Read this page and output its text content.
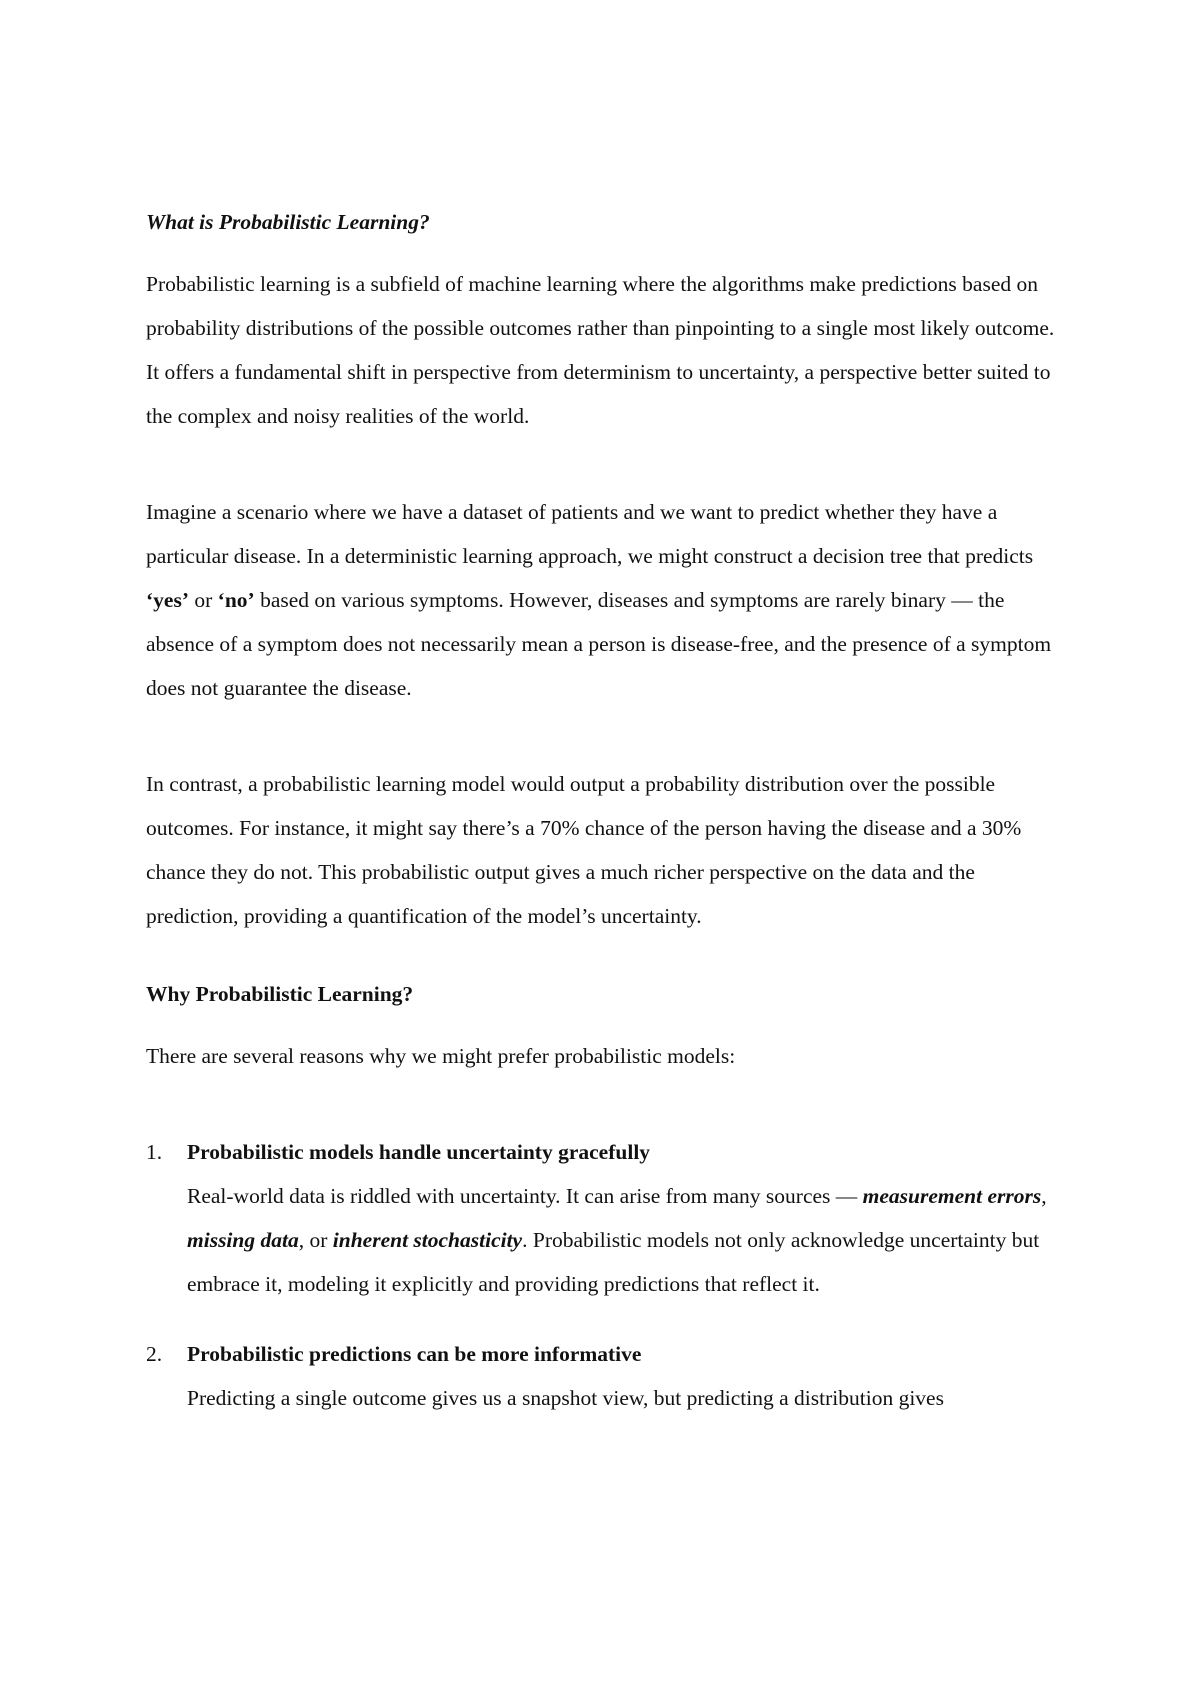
What is Probabilistic Learning?

Probabilistic learning is a subfield of machine learning where the algorithms make predictions based on probability distributions of the possible outcomes rather than pinpointing to a single most likely outcome. It offers a fundamental shift in perspective from determinism to uncertainty, a perspective better suited to the complex and noisy realities of the world.

Imagine a scenario where we have a dataset of patients and we want to predict whether they have a particular disease. In a deterministic learning approach, we might construct a decision tree that predicts ‘yes’ or ‘no’ based on various symptoms. However, diseases and symptoms are rarely binary — the absence of a symptom does not necessarily mean a person is disease-free, and the presence of a symptom does not guarantee the disease.

In contrast, a probabilistic learning model would output a probability distribution over the possible outcomes. For instance, it might say there’s a 70% chance of the person having the disease and a 30% chance they do not. This probabilistic output gives a much richer perspective on the data and the prediction, providing a quantification of the model’s uncertainty.

Why Probabilistic Learning?

There are several reasons why we might prefer probabilistic models:

1. Probabilistic models handle uncertainty gracefully
Real-world data is riddled with uncertainty. It can arise from many sources — measurement errors, missing data, or inherent stochasticity. Probabilistic models not only acknowledge uncertainty but embrace it, modeling it explicitly and providing predictions that reflect it.
2. Probabilistic predictions can be more informative
Predicting a single outcome gives us a snapshot view, but predicting a distribution gives
